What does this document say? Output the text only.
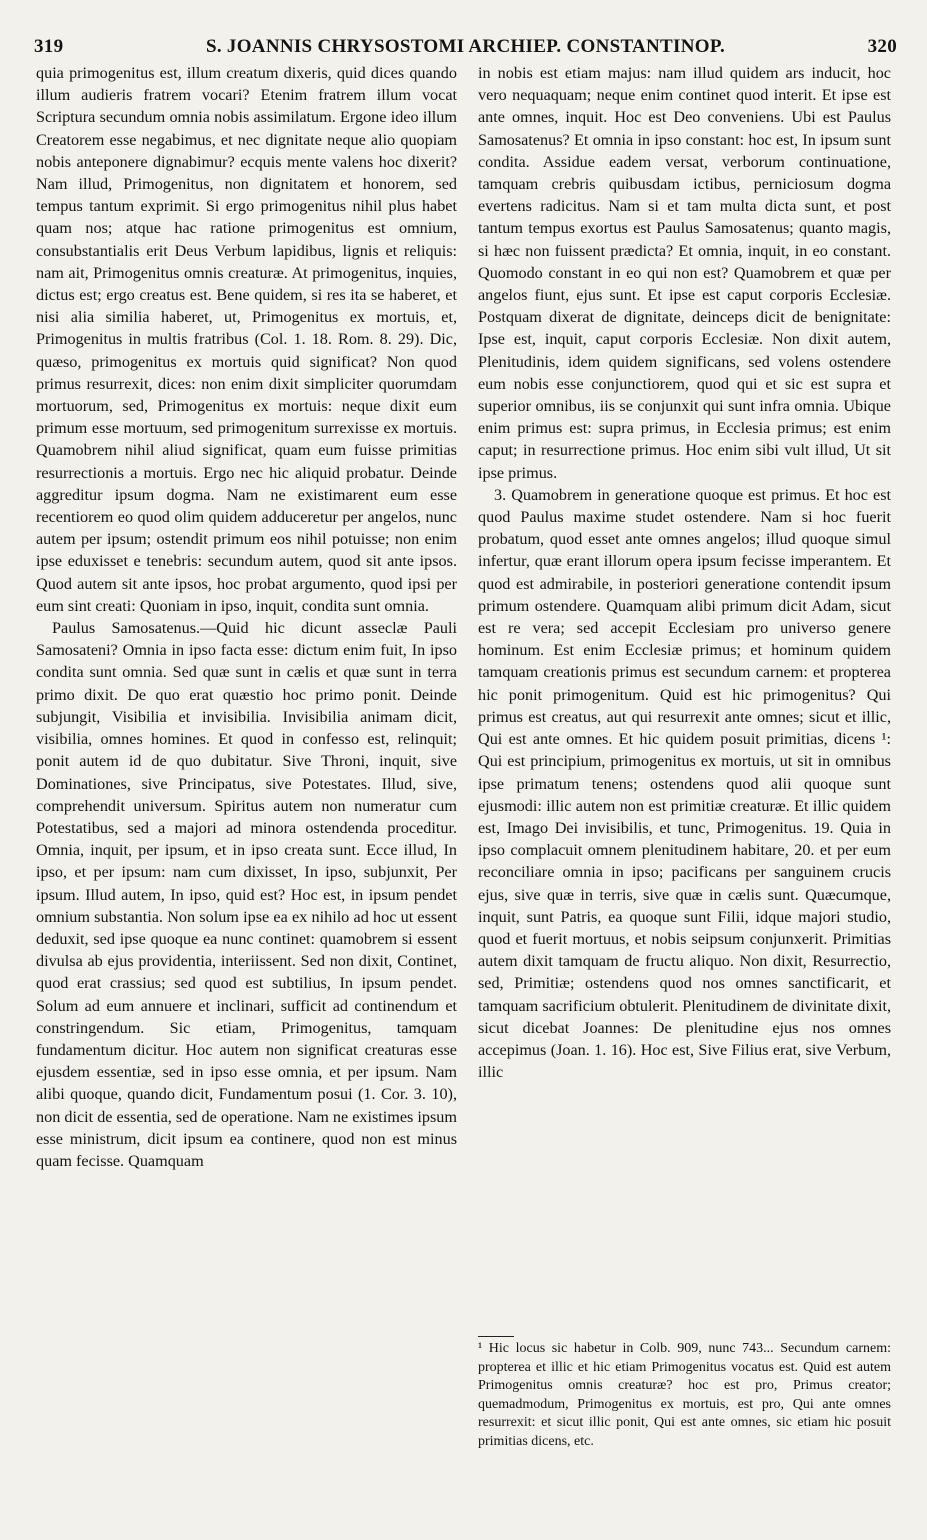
319	S. JOANNIS CHRYSOSTOMI ARCHIEP. CONSTANTINOP.	320

quia primogenitus est, illum creatum dixeris, quid dices quando illum audieris fratrem vocari? Etenim fratrem illum vocat Scriptura secundum omnia nobis assimilatum. Ergone ideo illum Creatorem esse negabimus, et nec dignitate neque alio quopiam nobis anteponere dignabimur? ecquis mente valens hoc dixerit? Nam illud, Primogenitus, non dignitatem et honorem, sed tempus tantum exprimit. Si ergo primogenitus nihil plus habet quam nos; atque hac ratione primogenitus est omnium, consubstantialis erit Deus Verbum lapidibus, lignis et reliquis: nam ait, Primogenitus omnis creaturæ. At primogenitus, inquies, dictus est; ergo creatus est. Bene quidem, si res ita se haberet, et nisi alia similia haberet, ut, Primogenitus ex mortuis, et, Primogenitus in multis fratribus (Col. 1. 18. Rom. 8. 29). Dic, quæso, primogenitus ex mortuis quid significat? Non quod primus resurrexit, dices: non enim dixit simpliciter quorumdam mortuorum, sed, Primogenitus ex mortuis: neque dixit eum primum esse mortuum, sed primogenitum surrexisse ex mortuis. Quamobrem nihil aliud significat, quam eum fuisse primitias resurrectionis a mortuis. Ergo nec hic aliquid probatur. Deinde aggreditur ipsum dogma. Nam ne existimarent eum esse recentiorem eo quod olim quidem adduceretur per angelos, nunc autem per ipsum; ostendit primum eos nihil potuisse; non enim ipse eduxisset e tenebris: secundum autem, quod sit ante ipsos. Quod autem sit ante ipsos, hoc probat argumento, quod ipsi per eum sint creati: Quoniam in ipso, inquit, condita sunt omnia.

Paulus Samosatenus.—Quid hic dicunt asseclæ Pauli Samosateni? Omnia in ipso facta esse: dictum enim fuit, In ipso condita sunt omnia. Sed quæ sunt in cælis et quæ sunt in terra primo dixit. De quo erat quæstio hoc primo ponit. Deinde subjungit, Visibilia et invisibilia. Invisibilia animam dicit, visibilia, omnes homines. Et quod in confesso est, relinquit; ponit autem id de quo dubitatur. Sive Throni, inquit, sive Dominationes, sive Principatus, sive Potestates. Illud, sive, comprehendit universum. Spiritus autem non numeratur cum Potestatibus, sed a majori ad minora ostendenda proceditur. Omnia, inquit, per ipsum, et in ipso creata sunt. Ecce illud, In ipso, et per ipsum: nam cum dixisset, In ipso, subjunxit, Per ipsum. Illud autem, In ipso, quid est? Hoc est, in ipsum pendet omnium substantia. Non solum ipse ea ex nihilo ad hoc ut essent deduxit, sed ipse quoque ea nunc continet: quamobrem si essent divulsa ab ejus providentia, interiissent. Sed non dixit, Continet, quod erat crassius; sed quod est subtilius, In ipsum pendet. Solum ad eum annuere et inclinari, sufficit ad continendum et constringendum. Sic etiam, Primogenitus, tamquam fundamentum dicitur. Hoc autem non significat creaturas esse ejusdem essentiæ, sed in ipso esse omnia, et per ipsum. Nam alibi quoque, quando dicit, Fundamentum posui (1. Cor. 3. 10), non dicit de essentia, sed de operatione. Nam ne existimes ipsum esse ministrum, dicit ipsum ea continere, quod non est minus quam fecisse. Quamquam

in nobis est etiam majus: nam illud quidem ars inducit, hoc vero nequaquam; neque enim continet quod interit. Et ipse est ante omnes, inquit. Hoc est Deo conveniens. Ubi est Paulus Samosatenus? Et omnia in ipso constant: hoc est, In ipsum sunt condita. Assidue eadem versat, verborum continuatione, tamquam crebris quibusdam ictibus, perniciosum dogma evertens radicitus. Nam si et tam multa dicta sunt, et post tantum tempus exortus est Paulus Samosatenus; quanto magis, si hæc non fuissent prædicta? Et omnia, inquit, in eo constant. Quomodo constant in eo qui non est? Quamobrem et quæ per angelos fiunt, ejus sunt. Et ipse est caput corporis Ecclesiæ. Postquam dixerat de dignitate, deinceps dicit de benignitate: Ipse est, inquit, caput corporis Ecclesiæ. Non dixit autem, Plenitudinis, idem quidem significans, sed volens ostendere eum nobis esse conjunctiorem, quod qui et sic est supra et superior omnibus, iis se conjunxit qui sunt infra omnia. Ubique enim primus est: supra primus, in Ecclesia primus; est enim caput; in resurrectione primus. Hoc enim sibi vult illud, Ut sit ipse primus.

3. Quamobrem in generatione quoque est primus. Et hoc est quod Paulus maxime studet ostendere. Nam si hoc fuerit probatum, quod esset ante omnes angelos; illud quoque simul infertur, quæ erant illorum opera ipsum fecisse imperantem. Et quod est admirabile, in posteriori generatione contendit ipsum primum ostendere. Quamquam alibi primum dicit Adam, sicut est re vera; sed accepit Ecclesiam pro universo genere hominum. Est enim Ecclesiæ primus; et hominum quidem tamquam creationis primus est secundum carnem: et propterea hic ponit primogenitum. Quid est hic primogenitus? Qui primus est creatus, aut qui resurrexit ante omnes; sicut et illic, Qui est ante omnes. Et hic quidem posuit primitias, dicens ¹: Qui est principium, primogenitus ex mortuis, ut sit in omnibus ipse primatum tenens; ostendens quod alii quoque sunt ejusmodi: illic autem non est primitiæ creaturæ. Et illic quidem est, Imago Dei invisibilis, et tunc, Primogenitus. 19. Quia in ipso complacuit omnem plenitudinem habitare, 20. et per eum reconciliare omnia in ipso; pacificans per sanguinem crucis ejus, sive quæ in terris, sive quæ in cælis sunt. Quæcumque, inquit, sunt Patris, ea quoque sunt Filii, idque majori studio, quod et fuerit mortuus, et nobis seipsum conjunxerit. Primitias autem dixit tamquam de fructu aliquo. Non dixit, Resurrectio, sed, Primitiæ; ostendens quod nos omnes sanctificarit, et tamquam sacrificium obtulerit. Plenitudinem de divinitate dixit, sicut dicebat Joannes: De plenitudine ejus nos omnes accepimus (Joan. 1. 16). Hoc est, Sive Filius erat, sive Verbum, illic

¹ Hic locus sic habetur in Colb. 909, nunc 743... Secundum carnem: propterea et illic et hic etiam Primogenitus vocatus est. Quid est autem Primogenitus omnis creaturæ? hoc est pro, Primus creator; quemadmodum, Primogenitus ex mortuis, est pro, Qui ante omnes resurrexit: et sicut illic ponit, Qui est ante omnes, sic etiam hic posuit primitias dicens, etc.
